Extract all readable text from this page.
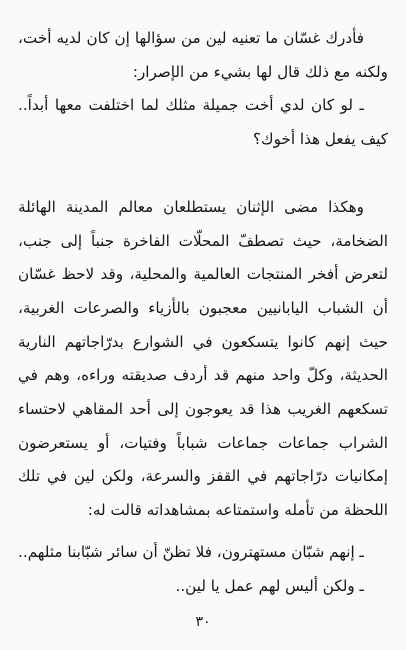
فأدرك غسّان ما تعنيه لين من سؤالها إن كان لديه أخت، ولكنه مع ذلك قال لها بشيء من الإصرار:

ـ لو كان لدي أخت جميلة مثلك لما اختلفت معها أبداً.. كيف يفعل هذا أخوك؟

وهكذا مضى الإثنان يستطلعان معالم المدينة الهائلة الضخامة، حيث تصطفّ المحلّات الفاخرة جنباً إلى جنب، لتعرض أفخر المنتجات العالمية والمحلية، وقد لاحظ غسّان أن الشباب اليابانيين معجبون بالأزياء والصرعات الغربية، حيث إنهم كانوا يتسكعون في الشوارع بدرّاجاتهم النارية الحديثة، وكلّ واحد منهم قد أردف صديقته وراءه، وهم في تسكعهم الغريب هذا قد يعوجون إلى أحد المقاهي لاحتساء الشراب جماعات جماعات شباباً وفتيات، أو يستعرضون إمكانيات درّاجاتهم في القفز والسرعة، ولكن لين في تلك اللحظة من تأمله واستمتاعه بمشاهداته قالت له:

ـ إنهم شبّان مستهترون، فلا تظنّ أن سائر شبّابنا مثلهم..

ـ ولكن أليس لهم عمل يا لين..

٣٠
